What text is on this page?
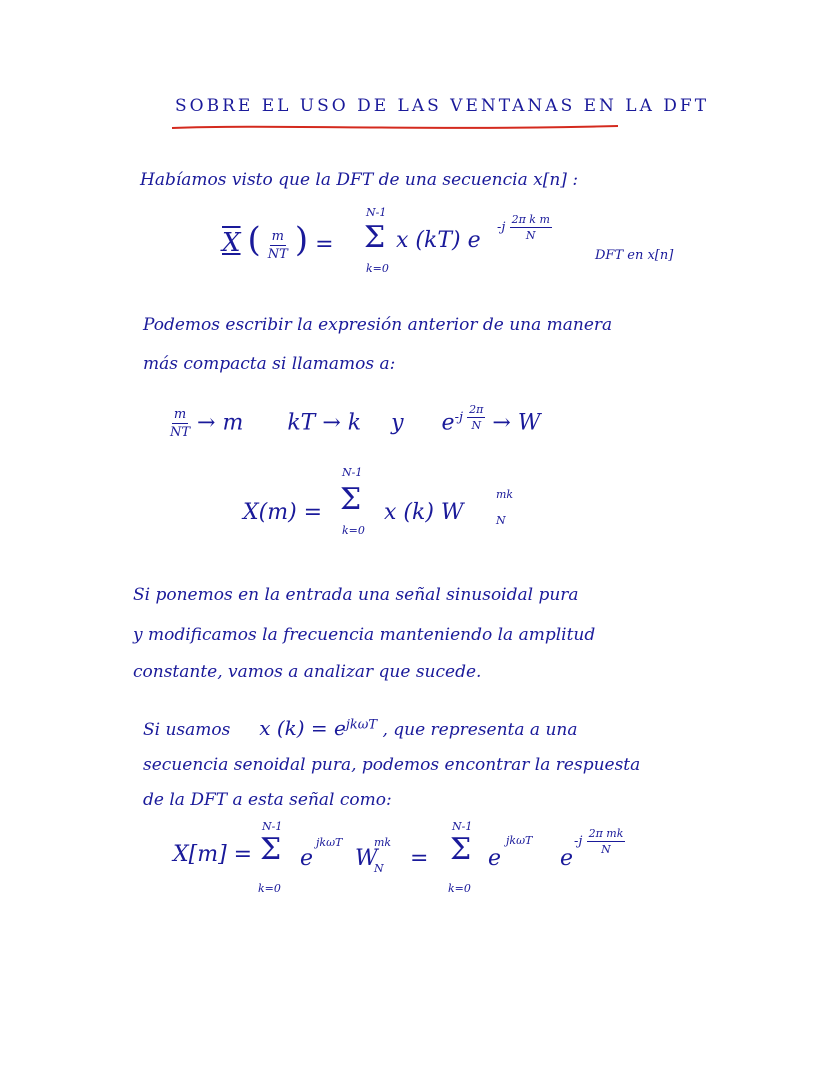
SOBRE EL USO DE LAS VENTANAS EN LA DFT
Habíamos visto que la DFT de una secuencia x[n] :
X ( $\frac{m}{NT}$ ) =
N-1
Σ
k=0
x (kT) e
$-j \frac{\text{2π k m}}{N}$
DFT en x[n]
Podemos escribir la expresión anterior de una manera
más compacta si llamamos a:
$\frac{m}{NT} \to m$ kT → k y $e^{-j \frac{2\pi}{N}} \to W$
X(m) =
N-1
Σ
k=0
x (k) W
mk
N
Si ponemos en la entrada una señal sinusoidal pura
y modificamos la frecuencia manteniendo la amplitud
constante, vamos a analizar que sucede.
Si usamos x $(k) = e^{jk\omega T}$ , que representa a una
secuencia senoidal pura, podemos encontrar la respuesta
de la DFT a esta señal como:
X[m] =
N-1
Σ
k=0
e
jkωT
W
mk
N =
N-1
Σ
k=0
e
jkωT
e
$-j \frac{\text{2π mk}}{N}$
